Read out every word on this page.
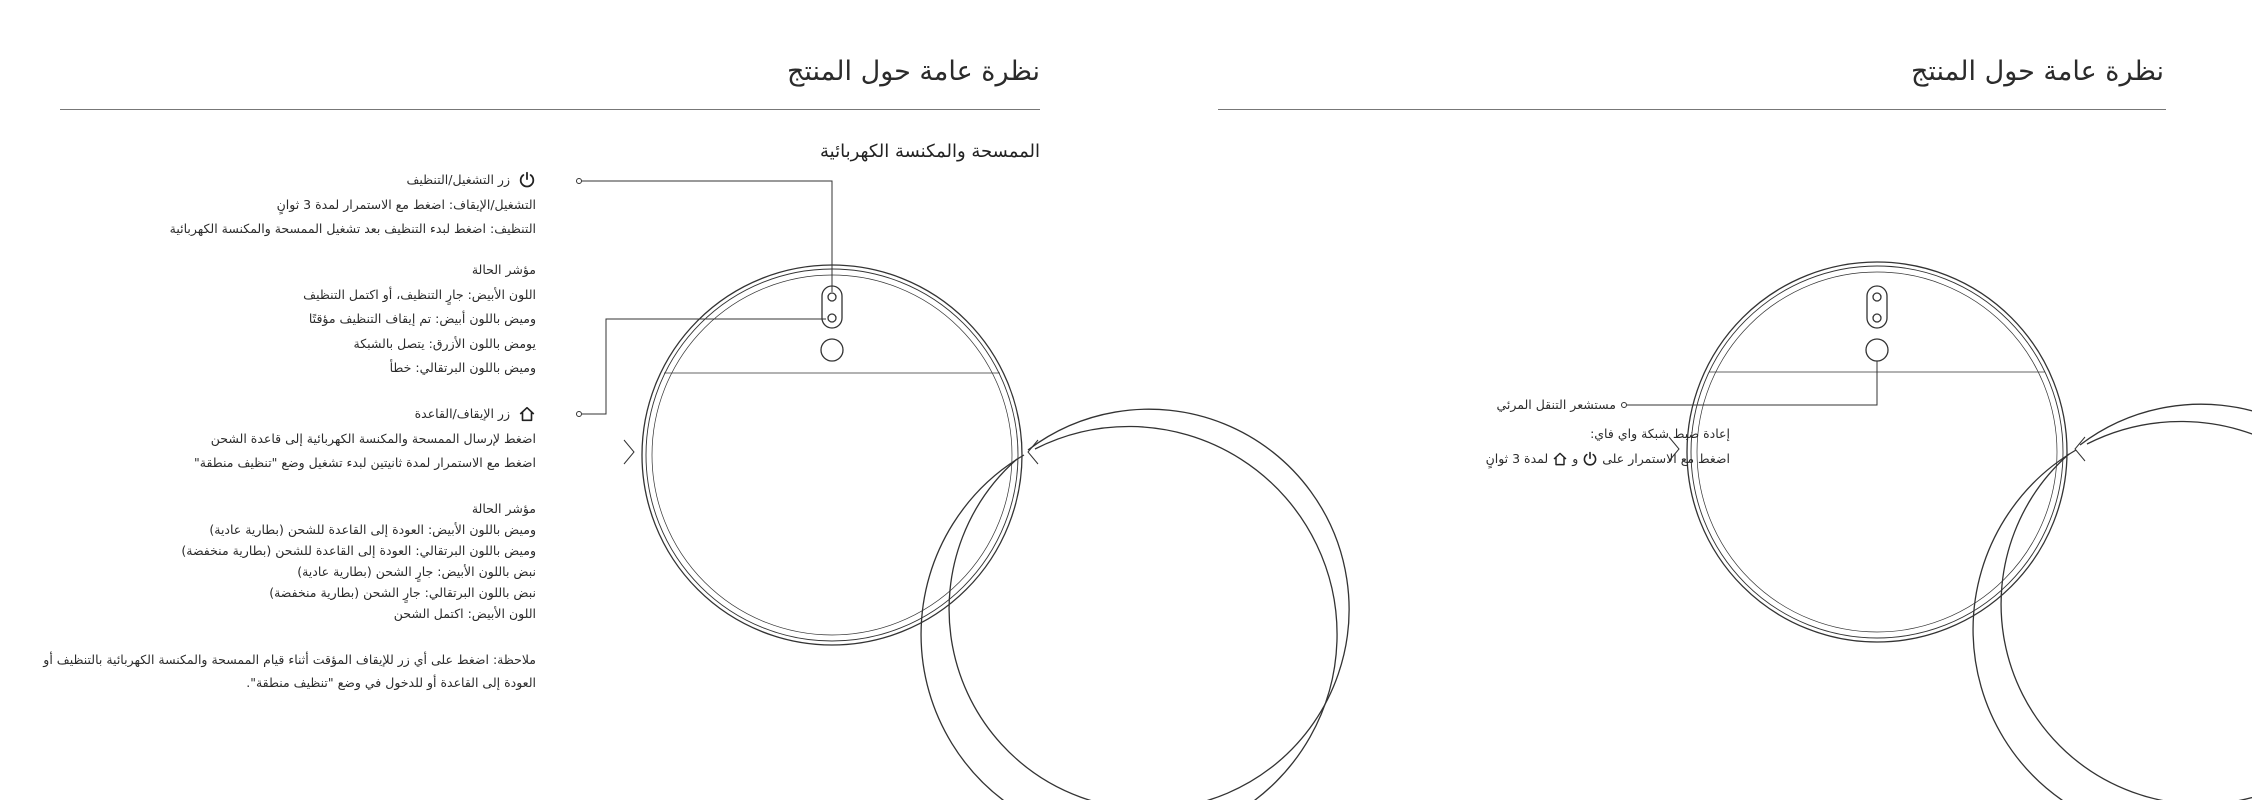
نظرة عامة حول المنتج
الممسحة والمكنسة الكهربائية
زر التشغيل/التنظيف
التشغيل/الإيقاف: اضغط مع الاستمرار لمدة 3 ثوانٍ
التنظيف: اضغط لبدء التنظيف بعد تشغيل الممسحة والمكنسة الكهربائية
مؤشر الحالة
اللون الأبيض: جارٍ التنظيف، أو اكتمل التنظيف
وميض باللون أبيض: تم إيقاف التنظيف مؤقتًا
يومض باللون الأزرق: يتصل بالشبكة
وميض باللون البرتقالي: خطأ
زر الإيقاف/القاعدة
اضغط لإرسال الممسحة والمكنسة الكهربائية إلى قاعدة الشحن
اضغط مع الاستمرار لمدة ثانيتين لبدء تشغيل وضع "تنظيف منطقة"
مؤشر الحالة
وميض باللون الأبيض: العودة إلى القاعدة للشحن (بطارية عادية)
وميض باللون البرتقالي: العودة إلى القاعدة للشحن (بطارية منخفضة)
نبض باللون الأبيض: جارٍ الشحن (بطارية عادية)
نبض باللون البرتقالي: جارٍ الشحن (بطارية منخفضة)
اللون الأبيض: اكتمل الشحن
ملاحظة: اضغط على أي زر للإيقاف المؤقت أثناء قيام الممسحة والمكنسة الكهربائية بالتنظيف أو
العودة إلى القاعدة أو للدخول في وضع "تنظيف منطقة".
نظرة عامة حول المنتج
مستشعر التنقل المرئي
إعادة ضبط شبكة واي فاي:
اضغط مع الاستمرار على
و
لمدة 3 ثوانٍ
